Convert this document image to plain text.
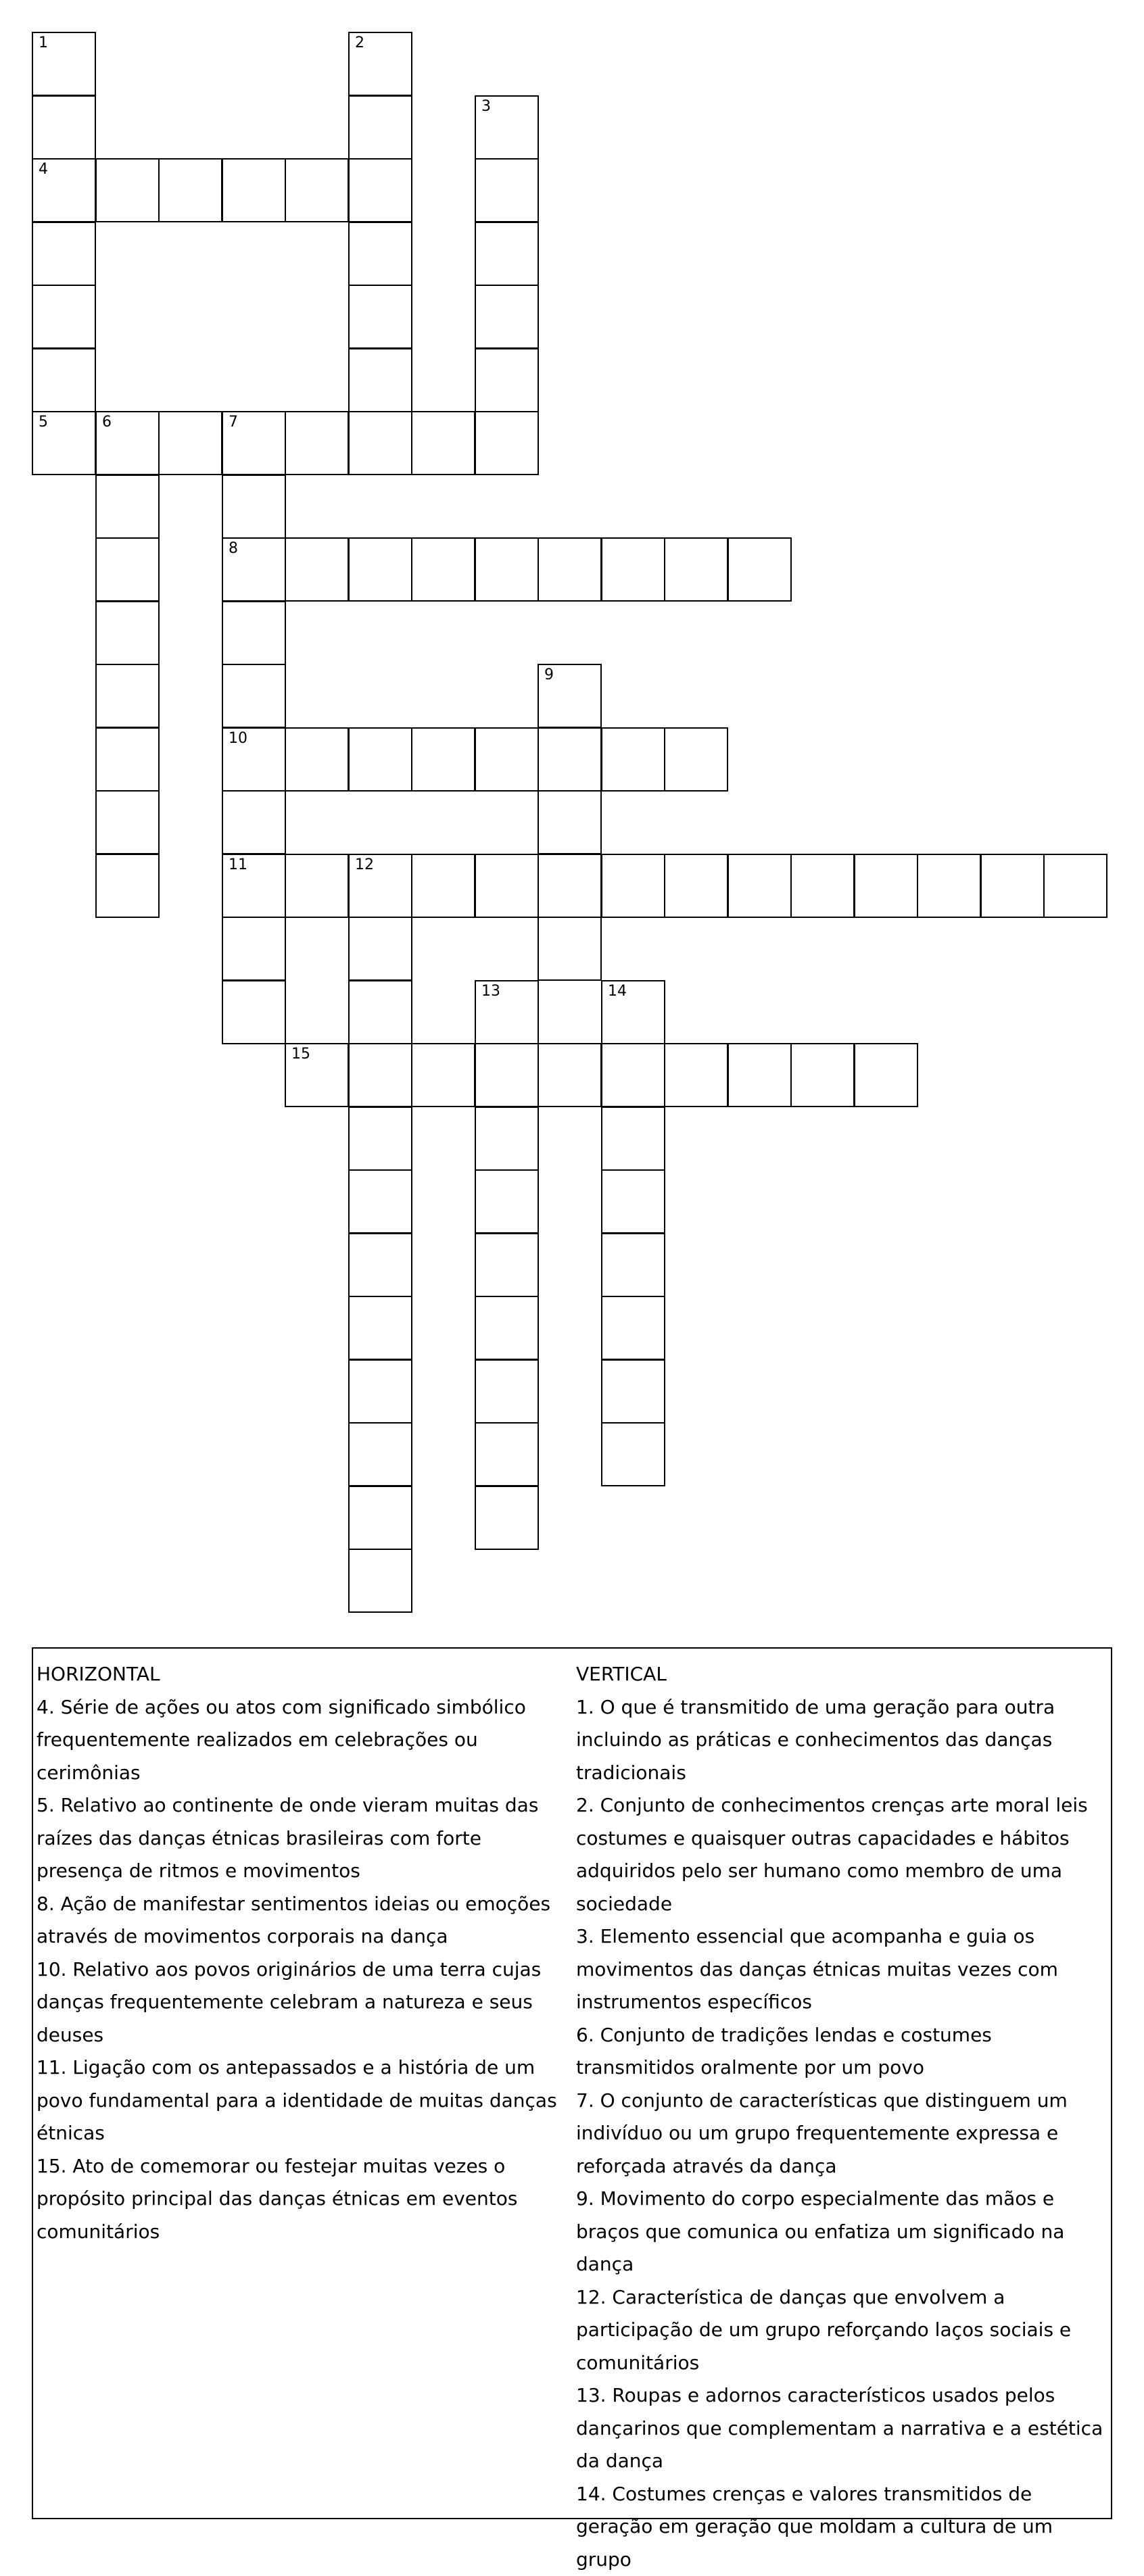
1	2
3
4
5	6	7
8
9
10
11	12
13	14
15
HORIZONTAL
4. Série de ações ou atos com significado simbólico frequentemente realizados em celebrações ou cerimônias
5. Relativo ao continente de onde vieram muitas das raízes das danças étnicas brasileiras com forte presença de ritmos e movimentos
8. Ação de manifestar sentimentos ideias ou emoções através de movimentos corporais na dança
10. Relativo aos povos originários de uma terra cujas danças frequentemente celebram a natureza e seus deuses
11. Ligação com os antepassados e a história de um povo fundamental para a identidade de muitas danças étnicas
15. Ato de comemorar ou festejar muitas vezes o propósito principal das danças étnicas em eventos comunitários
VERTICAL
1. O que é transmitido de uma geração para outra incluindo as práticas e conhecimentos das danças tradicionais
2. Conjunto de conhecimentos crenças arte moral leis costumes e quaisquer outras capacidades e hábitos adquiridos pelo ser humano como membro de uma sociedade
3. Elemento essencial que acompanha e guia os movimentos das danças étnicas muitas vezes com instrumentos específicos
6. Conjunto de tradições lendas e costumes transmitidos oralmente por um povo
7. O conjunto de características que distinguem um indivíduo ou um grupo frequentemente expressa e reforçada através da dança
9. Movimento do corpo especialmente das mãos e braços que comunica ou enfatiza um significado na dança
12. Característica de danças que envolvem a participação de um grupo reforçando laços sociais e comunitários
13. Roupas e adornos característicos usados pelos dançarinos que complementam a narrativa e a estética da dança
14. Costumes crenças e valores transmitidos de geração em geração que moldam a cultura de um grupo
